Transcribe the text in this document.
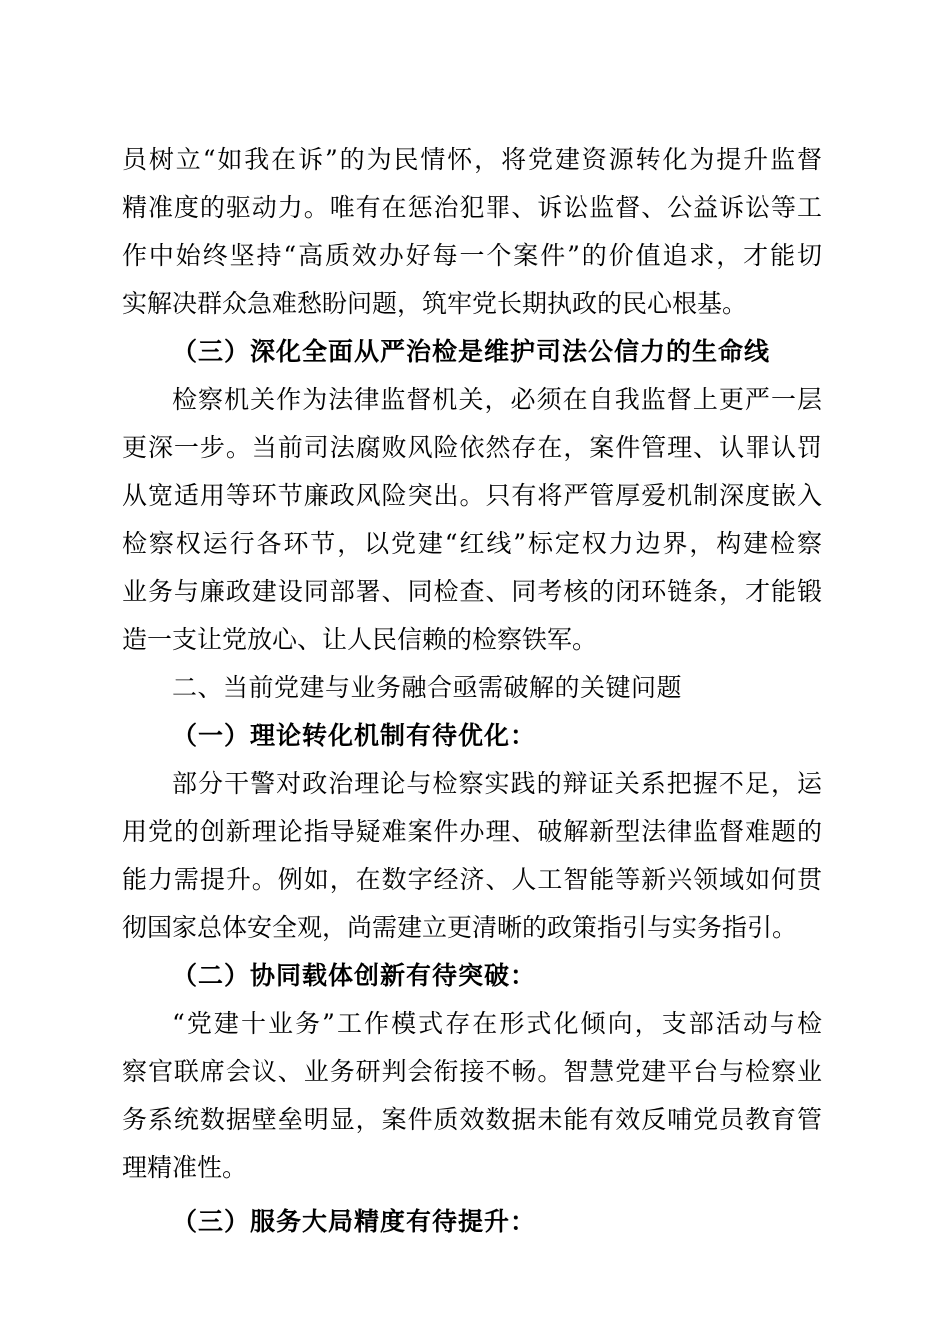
员树立“如我在诉”的为民情怀，将党建资源转化为提升监督
精准度的驱动力。唯有在惩治犯罪、诉讼监督、公益诉讼等工
作中始终坚持“高质效办好每一个案件”的价值追求，才能切
实解决群众急难愁盼问题，筑牢党长期执政的民心根基。
（三）深化全面从严治检是维护司法公信力的生命线
检察机关作为法律监督机关，必须在自我监督上更严一层
更深一步。当前司法腐败风险依然存在，案件管理、认罪认罚
从宽适用等环节廉政风险突出。只有将严管厚爱机制深度嵌入
检察权运行各环节，以党建“红线”标定权力边界，构建检察
业务与廉政建设同部署、同检查、同考核的闭环链条，才能锻
造一支让党放心、让人民信赖的检察铁军。
二、当前党建与业务融合亟需破解的关键问题
（一）理论转化机制有待优化：
部分干警对政治理论与检察实践的辩证关系把握不足，运
用党的创新理论指导疑难案件办理、破解新型法律监督难题的
能力需提升。例如，在数字经济、人工智能等新兴领域如何贯
彻国家总体安全观，尚需建立更清晰的政策指引与实务指引。
（二）协同载体创新有待突破：
“党建十业务”工作模式存在形式化倾向，支部活动与检
察官联席会议、业务研判会衔接不畅。智慧党建平台与检察业
务系统数据壁垒明显，案件质效数据未能有效反哺党员教育管
理精准性。
（三）服务大局精度有待提升：
